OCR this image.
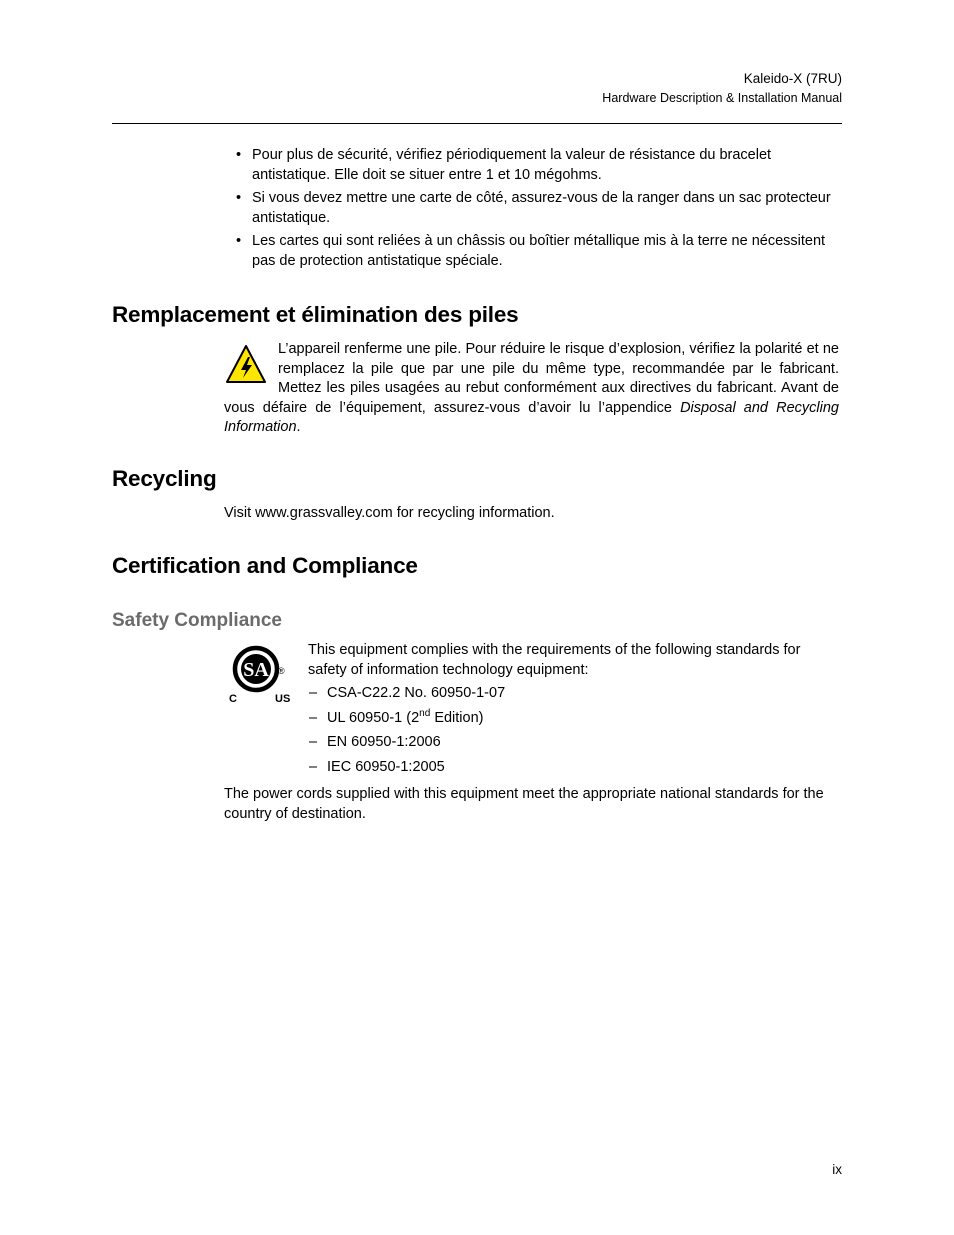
Kaleido-X (7RU)
Hardware Description & Installation Manual
• Pour plus de sécurité, vérifiez périodiquement la valeur de résistance du bracelet antistatique. Elle doit se situer entre 1 et 10 mégohms.
• Si vous devez mettre une carte de côté, assurez-vous de la ranger dans un sac protecteur antistatique.
• Les cartes qui sont reliées à un châssis ou boîtier métallique mis à la terre ne nécessitent pas de protection antistatique spéciale.
Remplacement et élimination des piles
L’appareil renferme une pile. Pour réduire le risque d’explosion, vérifiez la polarité et ne remplacez la pile que par une pile du même type, recommandée par le fabricant. Mettez les piles usagées au rebut conformément aux directives du fabricant. Avant de vous défaire de l’équipement, assurez-vous d’avoir lu l’appendice Disposal and Recycling Information.
Recycling
Visit www.grassvalley.com for recycling information.
Certification and Compliance
Safety Compliance
SA ®
C	US

This equipment complies with the requirements of the following standards for safety of information technology equipment:

– CSA-C22.2 No. 60950-1-07
– UL 60950-1 (2nd Edition)
– EN 60950-1:2006
– IEC 60950-1:2005

The power cords supplied with this equipment meet the appropriate national standards for the country of destination.

ix
